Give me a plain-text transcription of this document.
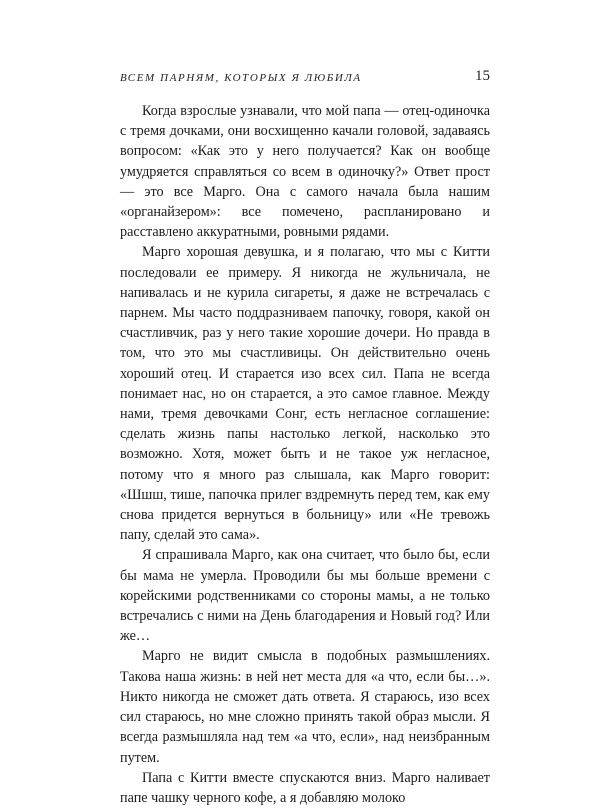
ВСЕМ ПАРНЯМ, КОТОРЫХ Я ЛЮБИЛА	15

Когда взрослые узнавали, что мой папа — отец-одиночка с тремя дочками, они восхищенно качали головой, задаваясь вопросом: «Как это у него получается? Как он вообще умудряется справляться со всем в одиночку?» Ответ прост — это все Марго. Она с самого начала была нашим «органайзером»: все помечено, распланировано и расставлено аккуратными, ровными рядами.

Марго хорошая девушка, и я полагаю, что мы с Китти последовали ее примеру. Я никогда не жульничала, не напивалась и не курила сигареты, я даже не встречалась с парнем. Мы часто поддразниваем папочку, говоря, какой он счастливчик, раз у него такие хорошие дочери. Но правда в том, что это мы счастливицы. Он действительно очень хороший отец. И старается изо всех сил. Папа не всегда понимает нас, но он старается, а это самое главное. Между нами, тремя девочками Сонг, есть негласное соглашение: сделать жизнь папы настолько легкой, насколько это возможно. Хотя, может быть и не такое уж негласное, потому что я много раз слышала, как Марго говорит: «Шшш, тише, папочка прилег вздремнуть перед тем, как ему снова придется вернуться в больницу» или «Не тревожь папу, сделай это сама».

Я спрашивала Марго, как она считает, что было бы, если бы мама не умерла. Проводили бы мы больше времени с корейскими родственниками со стороны мамы, а не только встречались с ними на День благодарения и Новый год? Или же…

Марго не видит смысла в подобных размышлениях. Такова наша жизнь: в ней нет места для «а что, если бы…». Никто никогда не сможет дать ответа. Я стараюсь, изо всех сил стараюсь, но мне сложно принять такой образ мысли. Я всегда размышляла над тем «а что, если», над неизбранным путем.

Папа с Китти вместе спускаются вниз. Марго наливает папе чашку черного кофе, а я добавляю молоко
